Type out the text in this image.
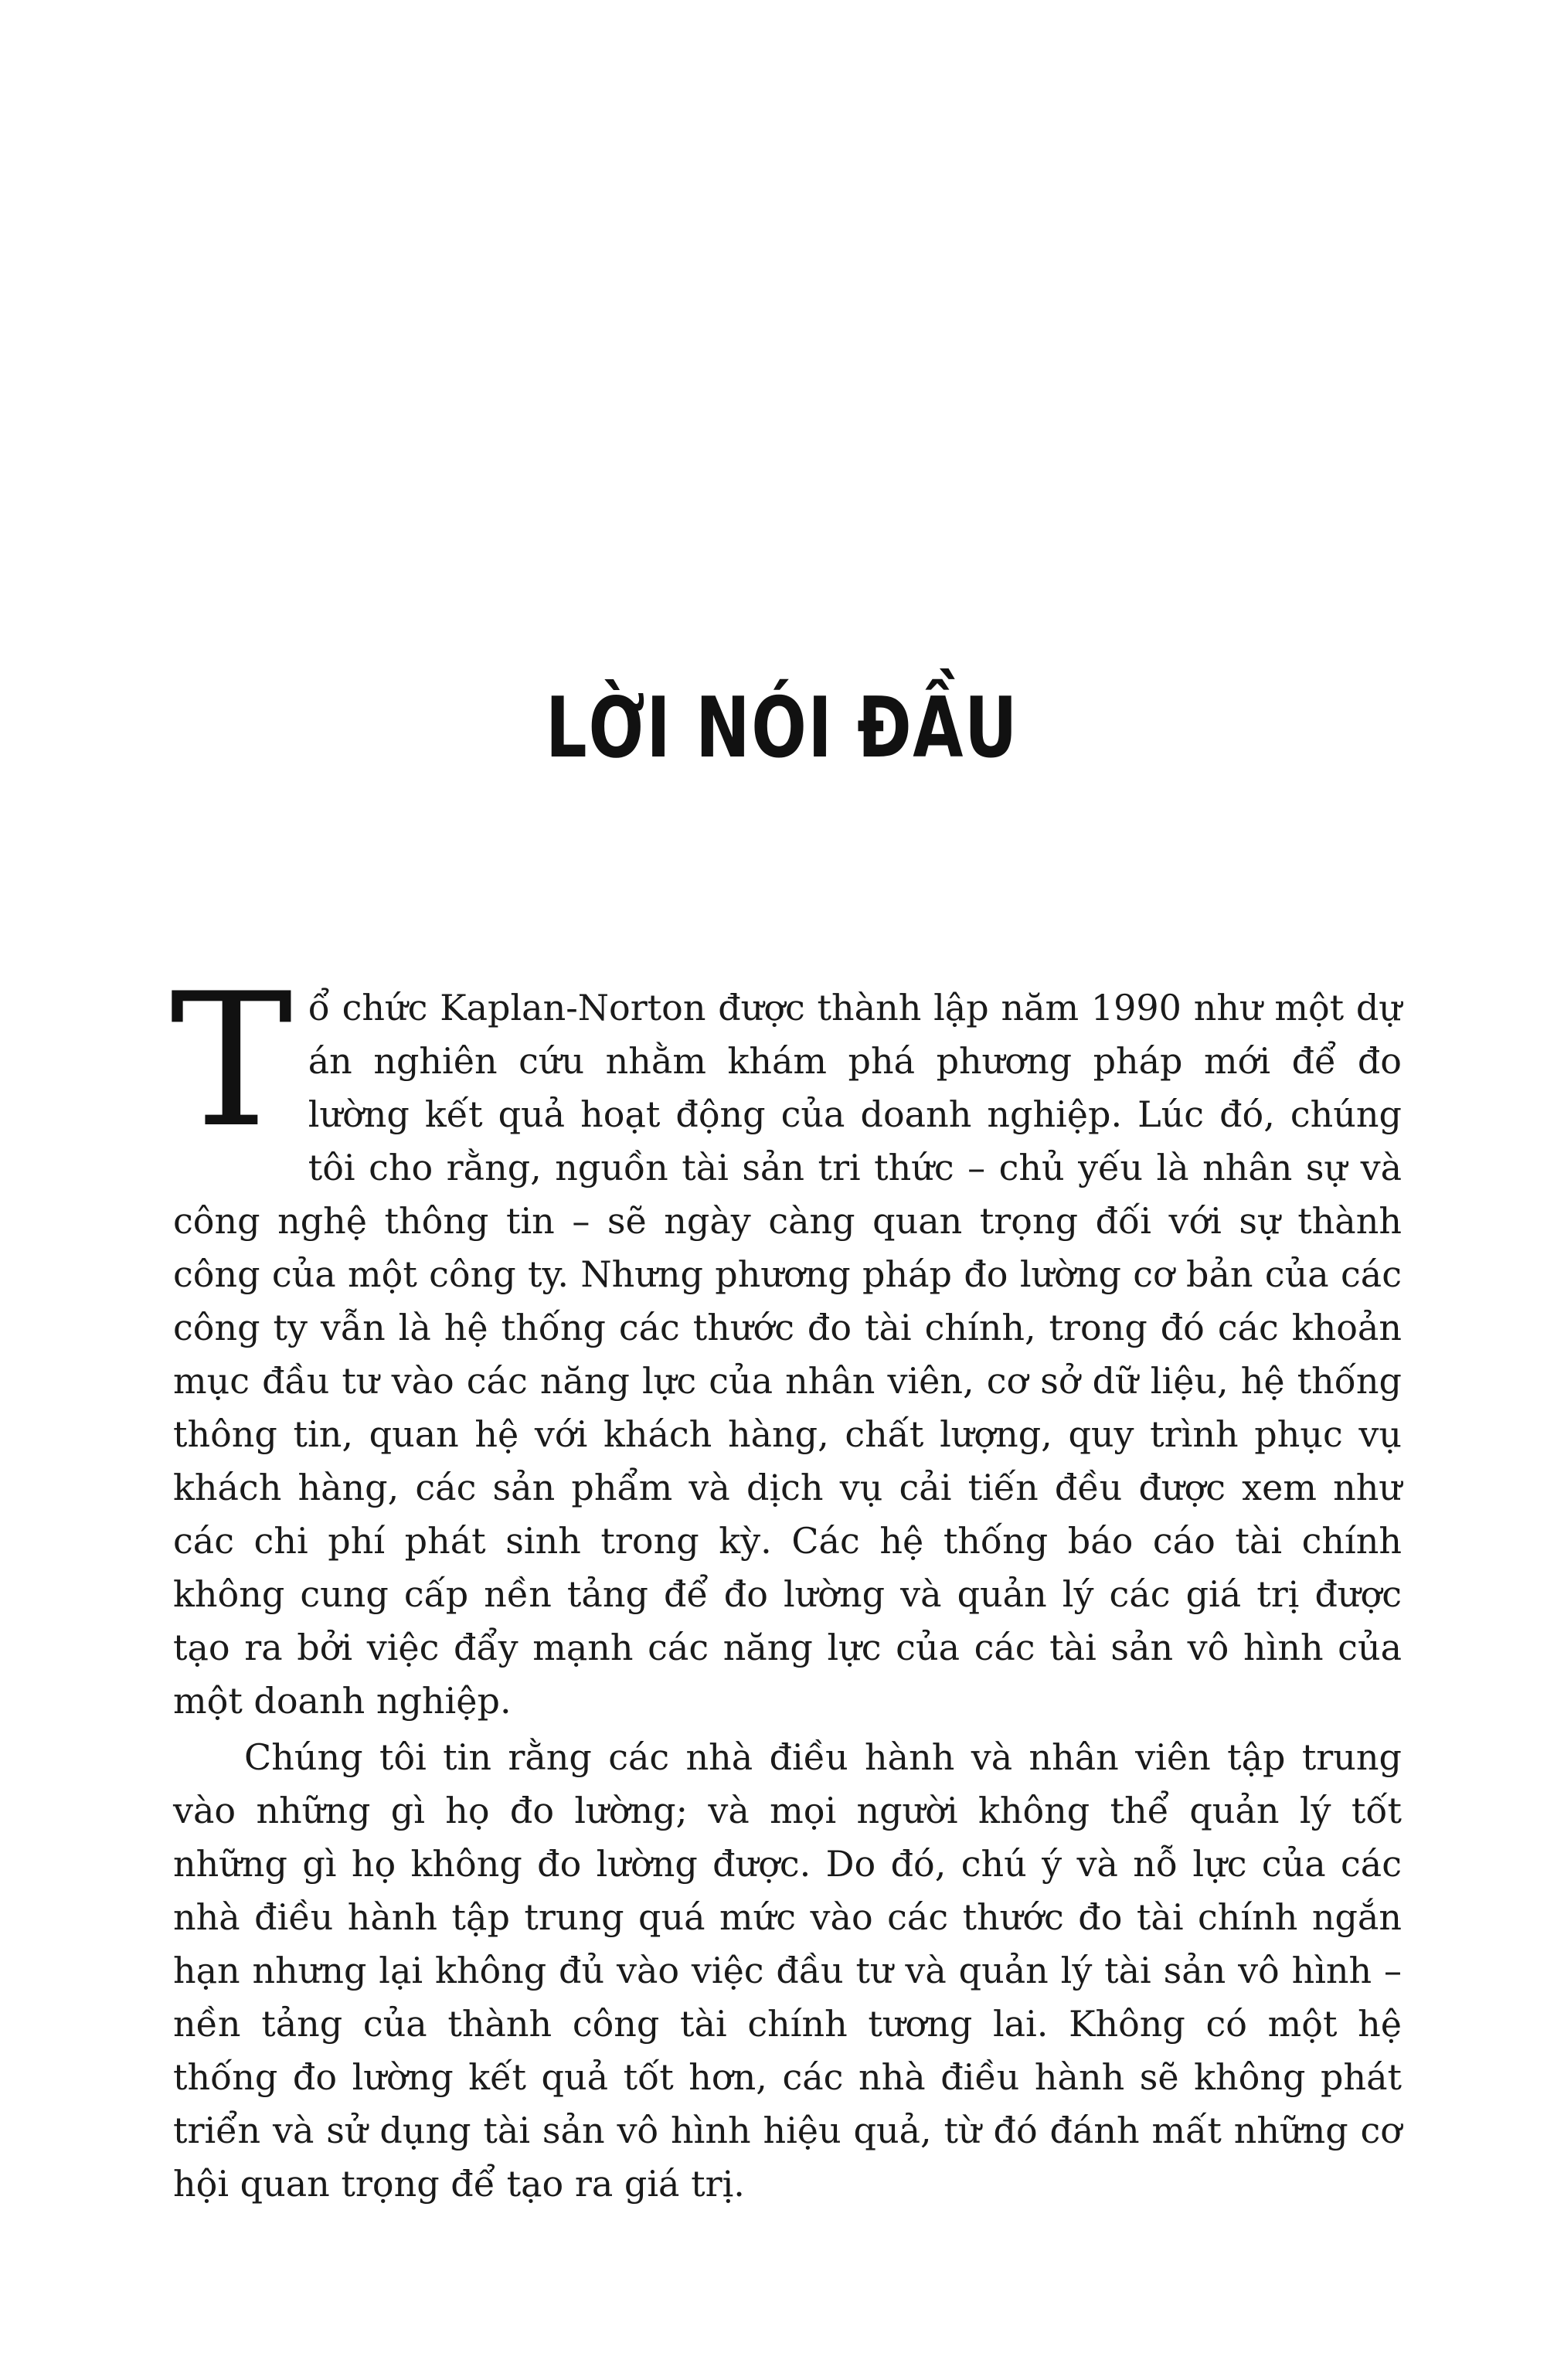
LỜI NÓI ĐẦU

Tổ chức Kaplan-Norton được thành lập năm 1990 như một dự án nghiên cứu nhằm khám phá phương pháp mới để đo lường kết quả hoạt động của doanh nghiệp. Lúc đó, chúng tôi cho rằng, nguồn tài sản tri thức – chủ yếu là nhân sự và công nghệ thông tin – sẽ ngày càng quan trọng đối với sự thành công của một công ty. Nhưng phương pháp đo lường cơ bản của các công ty vẫn là hệ thống các thước đo tài chính, trong đó các khoản mục đầu tư vào các năng lực của nhân viên, cơ sở dữ liệu, hệ thống thông tin, quan hệ với khách hàng, chất lượng, quy trình phục vụ khách hàng, các sản phẩm và dịch vụ cải tiến đều được xem như các chi phí phát sinh trong kỳ. Các hệ thống báo cáo tài chính không cung cấp nền tảng để đo lường và quản lý các giá trị được tạo ra bởi việc đẩy mạnh các năng lực của các tài sản vô hình của một doanh nghiệp.

Chúng tôi tin rằng các nhà điều hành và nhân viên tập trung vào những gì họ đo lường; và mọi người không thể quản lý tốt những gì họ không đo lường được. Do đó, chú ý và nỗ lực của các nhà điều hành tập trung quá mức vào các thước đo tài chính ngắn hạn nhưng lại không đủ vào việc đầu tư và quản lý tài sản vô hình – nền tảng của thành công tài chính tương lai. Không có một hệ thống đo lường kết quả tốt hơn, các nhà điều hành sẽ không phát triển và sử dụng tài sản vô hình hiệu quả, từ đó đánh mất những cơ hội quan trọng để tạo ra giá trị.
